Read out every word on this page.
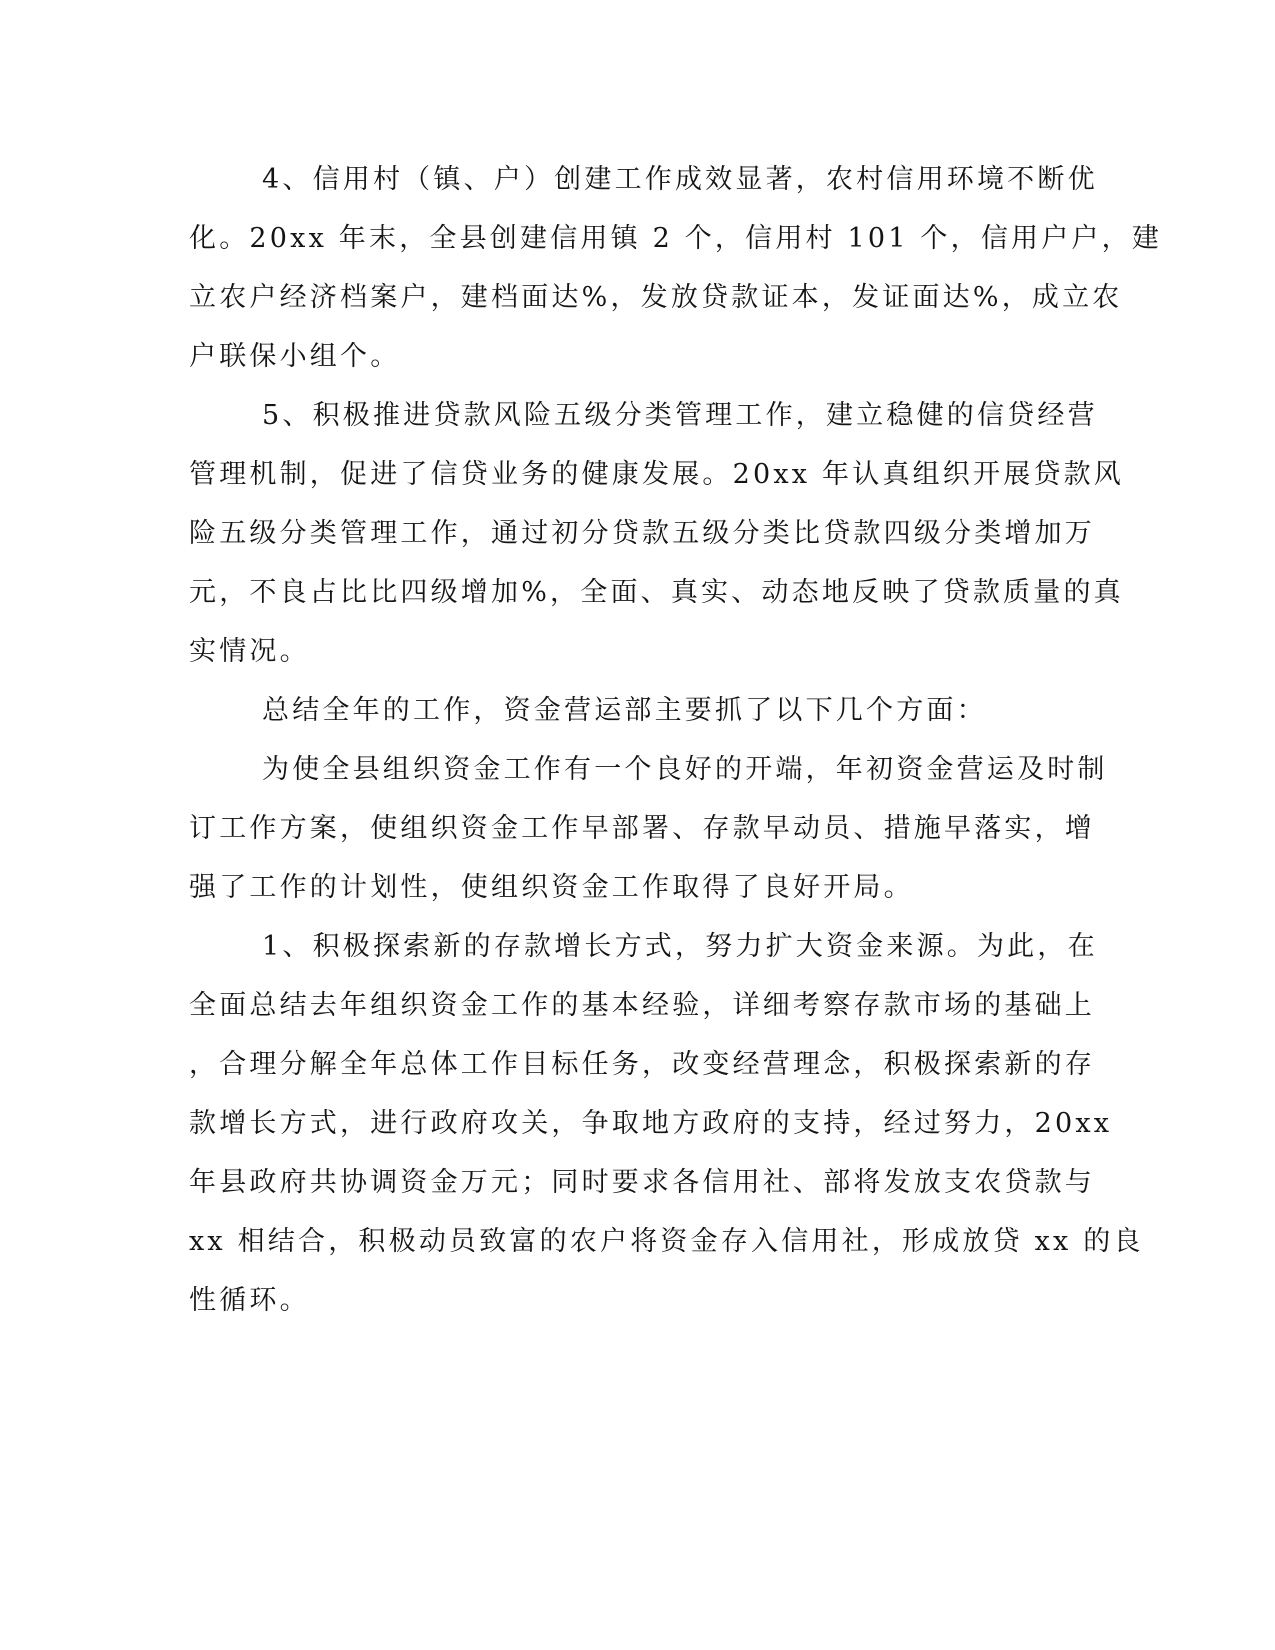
4、信用村（镇、户）创建工作成效显著，农村信用环境不断优
化。20xx 年末，全县创建信用镇 2 个，信用村 101 个，信用户户，建
立农户经济档案户，建档面达%，发放贷款证本，发证面达%，成立农
户联保小组个。
5、积极推进贷款风险五级分类管理工作，建立稳健的信贷经营
管理机制，促进了信贷业务的健康发展。20xx 年认真组织开展贷款风
险五级分类管理工作，通过初分贷款五级分类比贷款四级分类增加万
元，不良占比比四级增加%，全面、真实、动态地反映了贷款质量的真
实情况。
总结全年的工作，资金营运部主要抓了以下几个方面：
为使全县组织资金工作有一个良好的开端，年初资金营运及时制
订工作方案，使组织资金工作早部署、存款早动员、措施早落实，增
强了工作的计划性，使组织资金工作取得了良好开局。
1、积极探索新的存款增长方式，努力扩大资金来源。为此，在
全面总结去年组织资金工作的基本经验，详细考察存款市场的基础上
，合理分解全年总体工作目标任务，改变经营理念，积极探索新的存
款增长方式，进行政府攻关，争取地方政府的支持，经过努力，20xx
年县政府共协调资金万元；同时要求各信用社、部将发放支农贷款与
xx 相结合，积极动员致富的农户将资金存入信用社，形成放贷 xx 的良
性循环。
